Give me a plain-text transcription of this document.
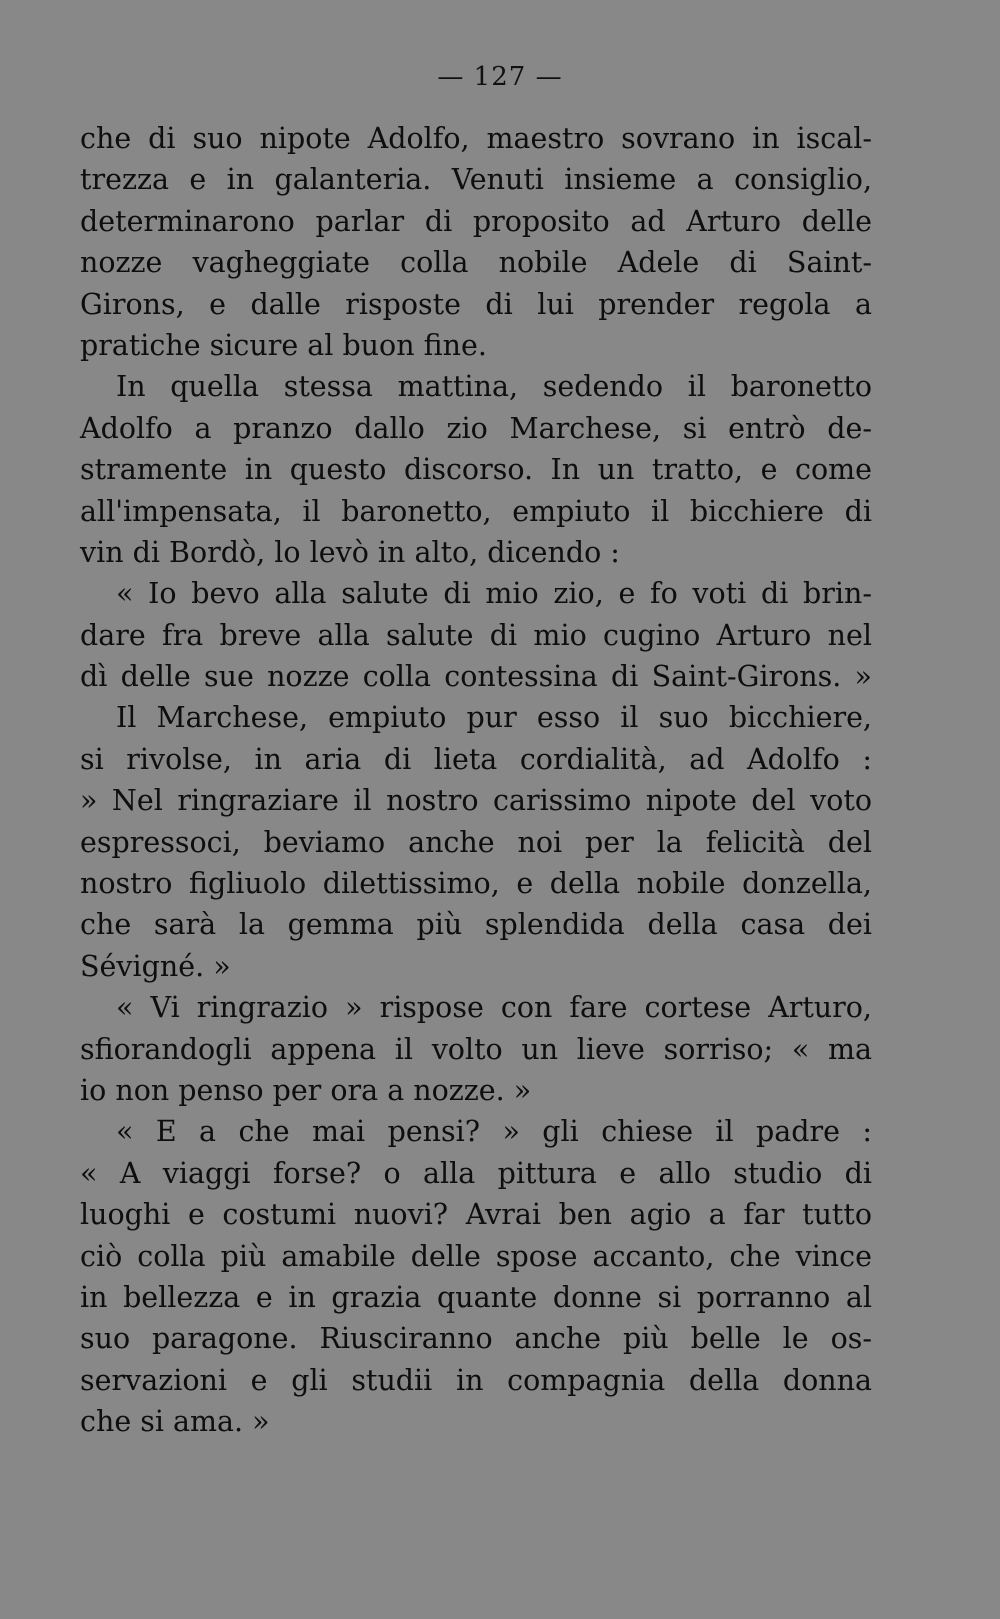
— 127 —
che di suo nipote Adolfo, maestro sovrano in iscal-
trezza e in galanteria. Venuti insieme a consiglio,
determinarono parlar di proposito ad Arturo delle
nozze vagheggiate colla nobile Adele di Saint-
Girons, e dalle risposte di lui prender regola a
pratiche sicure al buon fine.
In quella stessa mattina, sedendo il baronetto
Adolfo a pranzo dallo zio Marchese, si entrò de-
stramente in questo discorso. In un tratto, e come
all'impensata, il baronetto, empiuto il bicchiere di
vin di Bordò, lo levò in alto, dicendo :
« Io bevo alla salute di mio zio, e fo voti di brin-
dare fra breve alla salute di mio cugino Arturo nel
dì delle sue nozze colla contessina di Saint-Girons. »
Il Marchese, empiuto pur esso il suo bicchiere,
si rivolse, in aria di lieta cordialità, ad Adolfo :
» Nel ringraziare il nostro carissimo nipote del voto
espressoci, beviamo anche noi per la felicità del
nostro figliuolo dilettissimo, e della nobile donzella,
che sarà la gemma più splendida della casa dei
Sévigné. »
« Vi ringrazio » rispose con fare cortese Arturo,
sfiorandogli appena il volto un lieve sorriso; « ma
io non penso per ora a nozze. »
« E a che mai pensi? » gli chiese il padre :
« A viaggi forse? o alla pittura e allo studio di
luoghi e costumi nuovi? Avrai ben agio a far tutto
ciò colla più amabile delle spose accanto, che vince
in bellezza e in grazia quante donne si porranno al
suo paragone. Riusciranno anche più belle le os-
servazioni e gli studii in compagnia della donna
che si ama. »
